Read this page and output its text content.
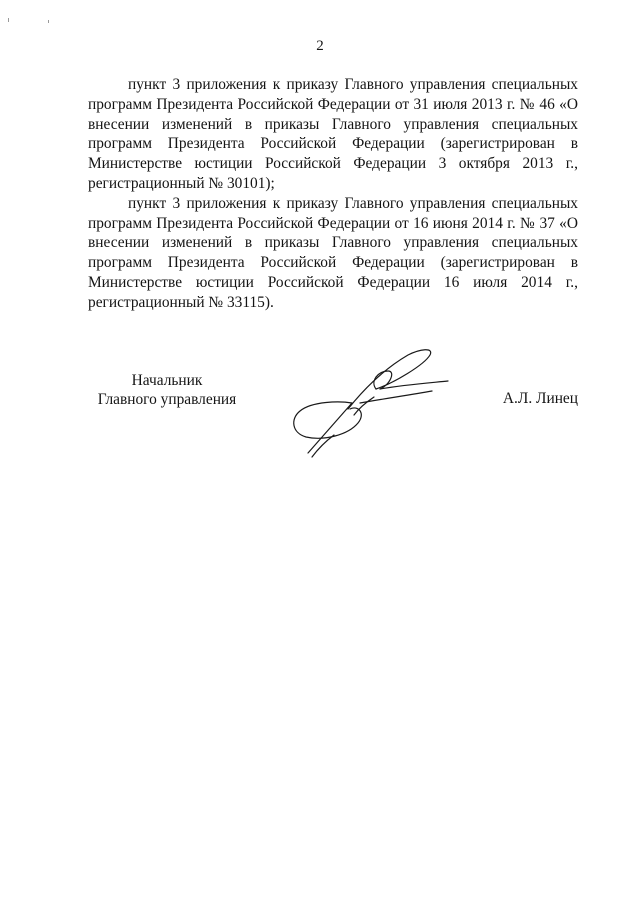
2

пункт 3 приложения к приказу Главного управления специальных программ Президента Российской Федерации от 31 июля 2013 г. № 46 «О внесении изменений в приказы Главного управления специальных программ Президента Российской Федерации (зарегистрирован в Министерстве юстиции Российской Федерации 3 октября 2013 г., регистрационный № 30101);

пункт 3 приложения к приказу Главного управления специальных программ Президента Российской Федерации от 16 июня 2014 г. № 37 «О внесении изменений в приказы Главного управления специальных программ Президента Российской Федерации (зарегистрирован в Министерстве юстиции Российской Федерации 16 июля 2014 г., регистрационный № 33115).

Начальник
Главного управления	А.Л. Линец
